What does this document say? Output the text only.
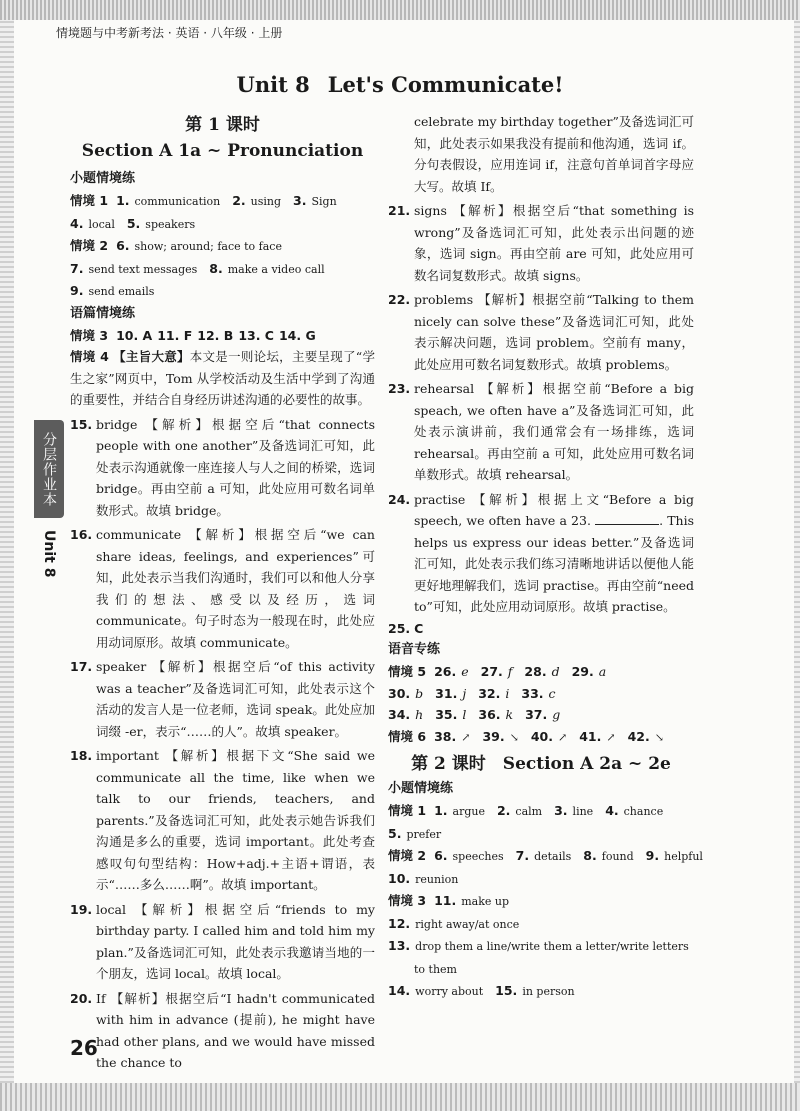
情境题与中考新考法 · 英语 · 八年级 · 上册
Unit 8 Let's Communicate!
分层作业本
Unit 8
第 1 课时
Section A 1a ~ Pronunciation
小题情境练
情境 1 1. communication 2. using 3. Sign
4. local 5. speakers
情境 2 6. show; around; face to face
7. send text messages 8. make a video call
9. send emails
语篇情境练
情境 3 10. A 11. F 12. B 13. C 14. G
情境 4 【主旨大意】本文是一则论坛，主要呈现了“学生之家”网页中，Tom 从学校活动及生活中学到了沟通的重要性，并结合自身经历讲述沟通的必要性的故事。
15. bridge 【解析】根据空后“that connects people with one another”及备选词汇可知，此处表示沟通就像一座连接人与人之间的桥梁，选词 bridge。再由空前 a 可知，此处应用可数名词单数形式。故填 bridge。
16. communicate 【解析】根据空后“we can share ideas, feelings, and experiences”可知，此处表示当我们沟通时，我们可以和他人分享我们的想法、感受以及经历，选词 communicate。句子时态为一般现在时，此处应用动词原形。故填 communicate。
17. speaker 【解析】根据空后“of this activity was a teacher”及备选词汇可知，此处表示这个活动的发言人是一位老师，选词 speak。此处应加词缀 -er，表示“……的人”。故填 speaker。
18. important 【解析】根据下文“She said we communicate all the time, like when we talk to our friends, teachers, and parents.”及备选词汇可知，此处表示她告诉我们沟通是多么的重要，选词 important。此处考查感叹句句型结构：How+adj.+主语+谓语，表示“……多么……啊”。故填 important。
19. local 【解析】根据空后“friends to my birthday party. I called him and told him my plan.”及备选词汇可知，此处表示我邀请当地的一个朋友，选词 local。故填 local。
20. If 【解析】根据空后“I hadn't communicated with him in advance (提前), he might have had other plans, and we would have missed the chance to
celebrate my birthday together”及备选词汇可知，此处表示如果我没有提前和他沟通，选词 if。分句表假设，应用连词 if，注意句首单词首字母应大写。故填 If。
21. signs 【解析】根据空后“that something is wrong”及备选词汇可知，此处表示出问题的迹象，选词 sign。再由空前 are 可知，此处应用可数名词复数形式。故填 signs。
22. problems 【解析】根据空前“Talking to them nicely can solve these”及备选词汇可知，此处表示解决问题，选词 problem。空前有 many，此处应用可数名词复数形式。故填 problems。
23. rehearsal 【解析】根据空前“Before a big speach, we often have a”及备选词汇可知，此处表示演讲前，我们通常会有一场排练，选词 rehearsal。再由空前 a 可知，此处应用可数名词单数形式。故填 rehearsal。
24. practise 【解析】根据上文“Before a big speech, we often have a 23.	. This helps us express our ideas better.”及备选词汇可知，此处表示我们练习清晰地讲话以便他人能更好地理解我们，选词 practise。再由空前“need to”可知，此处应用动词原形。故填 practise。
25. C
语音专练
情境 5 26. e 27. f 28. d 29. a
30. b 31. j 32. i 33. c
34. h 35. l 36. k 37. g
情境 6 38. ↗ 39. ↘ 40. ↗ 41. ↗ 42. ↘
第 2 课时　Section A 2a ~ 2e
小题情境练
情境 1 1. argue 2. calm 3. line 4. chance
5. prefer
情境 2 6. speeches 7. details 8. found 9. helpful
10. reunion
情境 3 11. make up
12. right away/at once
13. drop them a line/write them a letter/write letters to them
14. worry about 15. in person
26
